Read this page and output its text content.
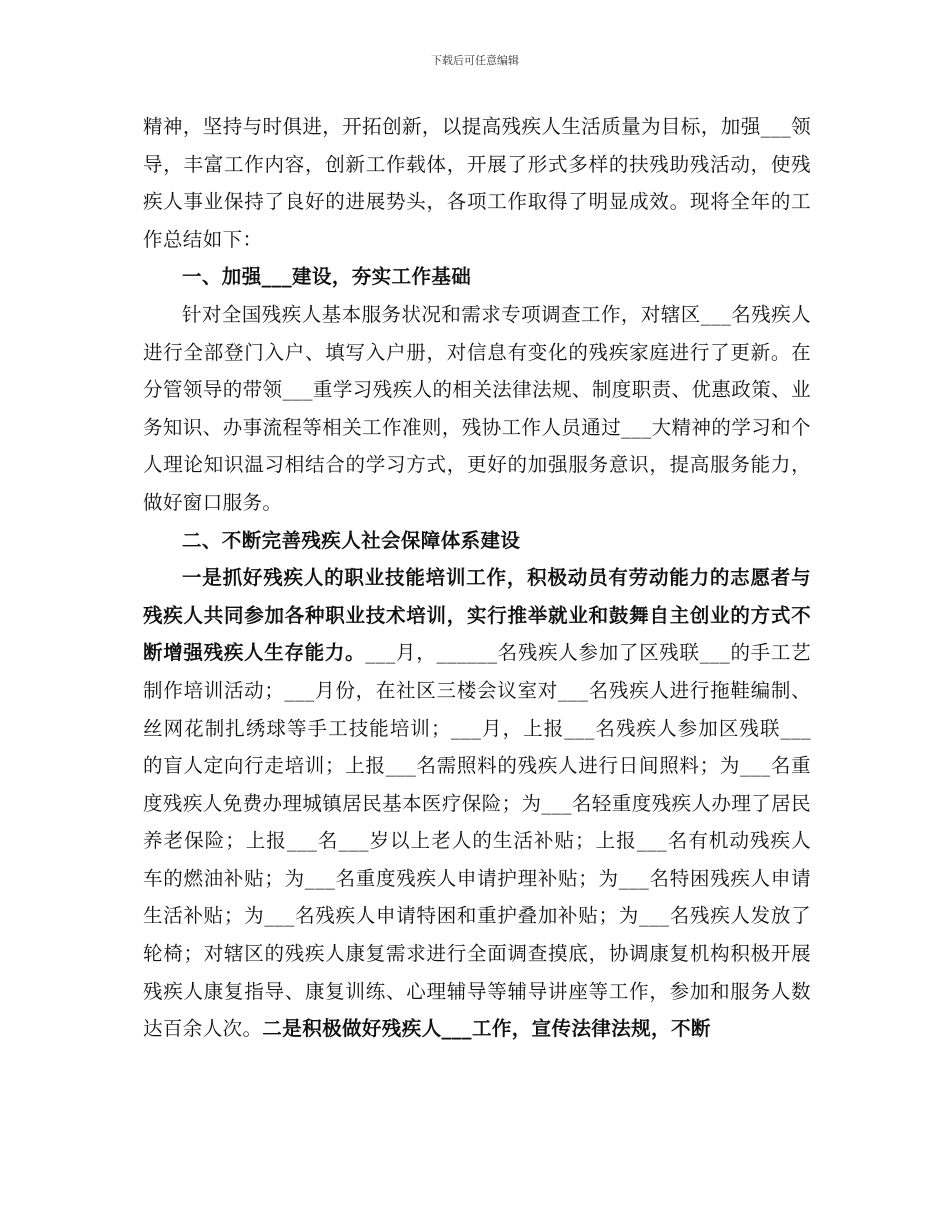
下载后可任意编辑

精神，坚持与时俱进，开拓创新，以提高残疾人生活质量为目标，加强___领导，丰富工作内容，创新工作载体，开展了形式多样的扶残助残活动，使残疾人事业保持了良好的进展势头，各项工作取得了明显成效。现将全年的工作总结如下：

一、加强___建设，夯实工作基础

针对全国残疾人基本服务状况和需求专项调查工作，对辖区___名残疾人进行全部登门入户、填写入户册，对信息有变化的残疾家庭进行了更新。在分管领导的带领___重学习残疾人的相关法律法规、制度职责、优惠政策、业务知识、办事流程等相关工作准则，残协工作人员通过___大精神的学习和个人理论知识温习相结合的学习方式，更好的加强服务意识，提高服务能力，做好窗口服务。

二、不断完善残疾人社会保障体系建设

一是抓好残疾人的职业技能培训工作，积极动员有劳动能力的志愿者与残疾人共同参加各种职业技术培训，实行推举就业和鼓舞自主创业的方式不断增强残疾人生存能力。___月，______名残疾人参加了区残联___的手工艺制作培训活动；___月份，在社区三楼会议室对___名残疾人进行拖鞋编制、丝网花制扎绣球等手工技能培训；___月，上报___名残疾人参加区残联___的盲人定向行走培训；上报___名需照料的残疾人进行日间照料；为___名重度残疾人免费办理城镇居民基本医疗保险；为___名轻重度残疾人办理了居民养老保险；上报___名___岁以上老人的生活补贴；上报___名有机动残疾人车的燃油补贴；为___名重度残疾人申请护理补贴；为___名特困残疾人申请生活补贴；为___名残疾人申请特困和重护叠加补贴；为___名残疾人发放了轮椅；对辖区的残疾人康复需求进行全面调查摸底，协调康复机构积极开展残疾人康复指导、康复训练、心理辅导等辅导讲座等工作，参加和服务人数达百余人次。二是积极做好残疾人___工作，宣传法律法规，不断
